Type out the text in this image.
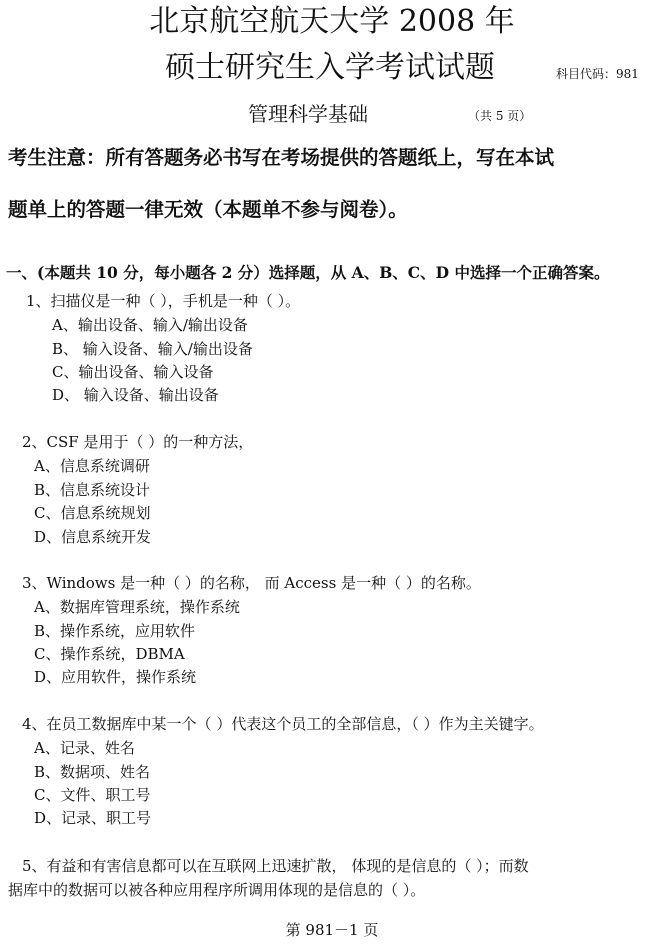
北京航空航天大学 2008 年
硕士研究生入学考试试题	科目代码：981
管理科学基础	（共 5 页）
考生注意：所有答题务必书写在考场提供的答题纸上，写在本试
题单上的答题一律无效（本题单不参与阅卷）。
一、(本题共 10 分，每小题各 2 分）选择题，从 A、B、C、D 中选择一个正确答案。
1、扫描仪是一种（ ），手机是一种（ ）。
A、输出设备、输入/输出设备
B、 输入设备、输入/输出设备
C、输出设备、输入设备
D、 输入设备、输出设备
2、CSF 是用于（ ）的一种方法，
A、信息系统调研
B、信息系统设计
C、信息系统规划
D、信息系统开发
3、Windows 是一种（ ）的名称， 而 Access 是一种（ ）的名称。
A、数据库管理系统，操作系统
B、操作系统，应用软件
C、操作系统，DBMA
D、应用软件，操作系统
4、在员工数据库中某一个（ ）代表这个员工的全部信息，（ ）作为主关键字。
A、记录、姓名
B、数据项、姓名
C、文件、职工号
D、记录、职工号
5、有益和有害信息都可以在互联网上迅速扩散， 体现的是信息的（ ）；而数
据库中的数据可以被各种应用程序所调用体现的是信息的（ ）。
第 981－1 页
